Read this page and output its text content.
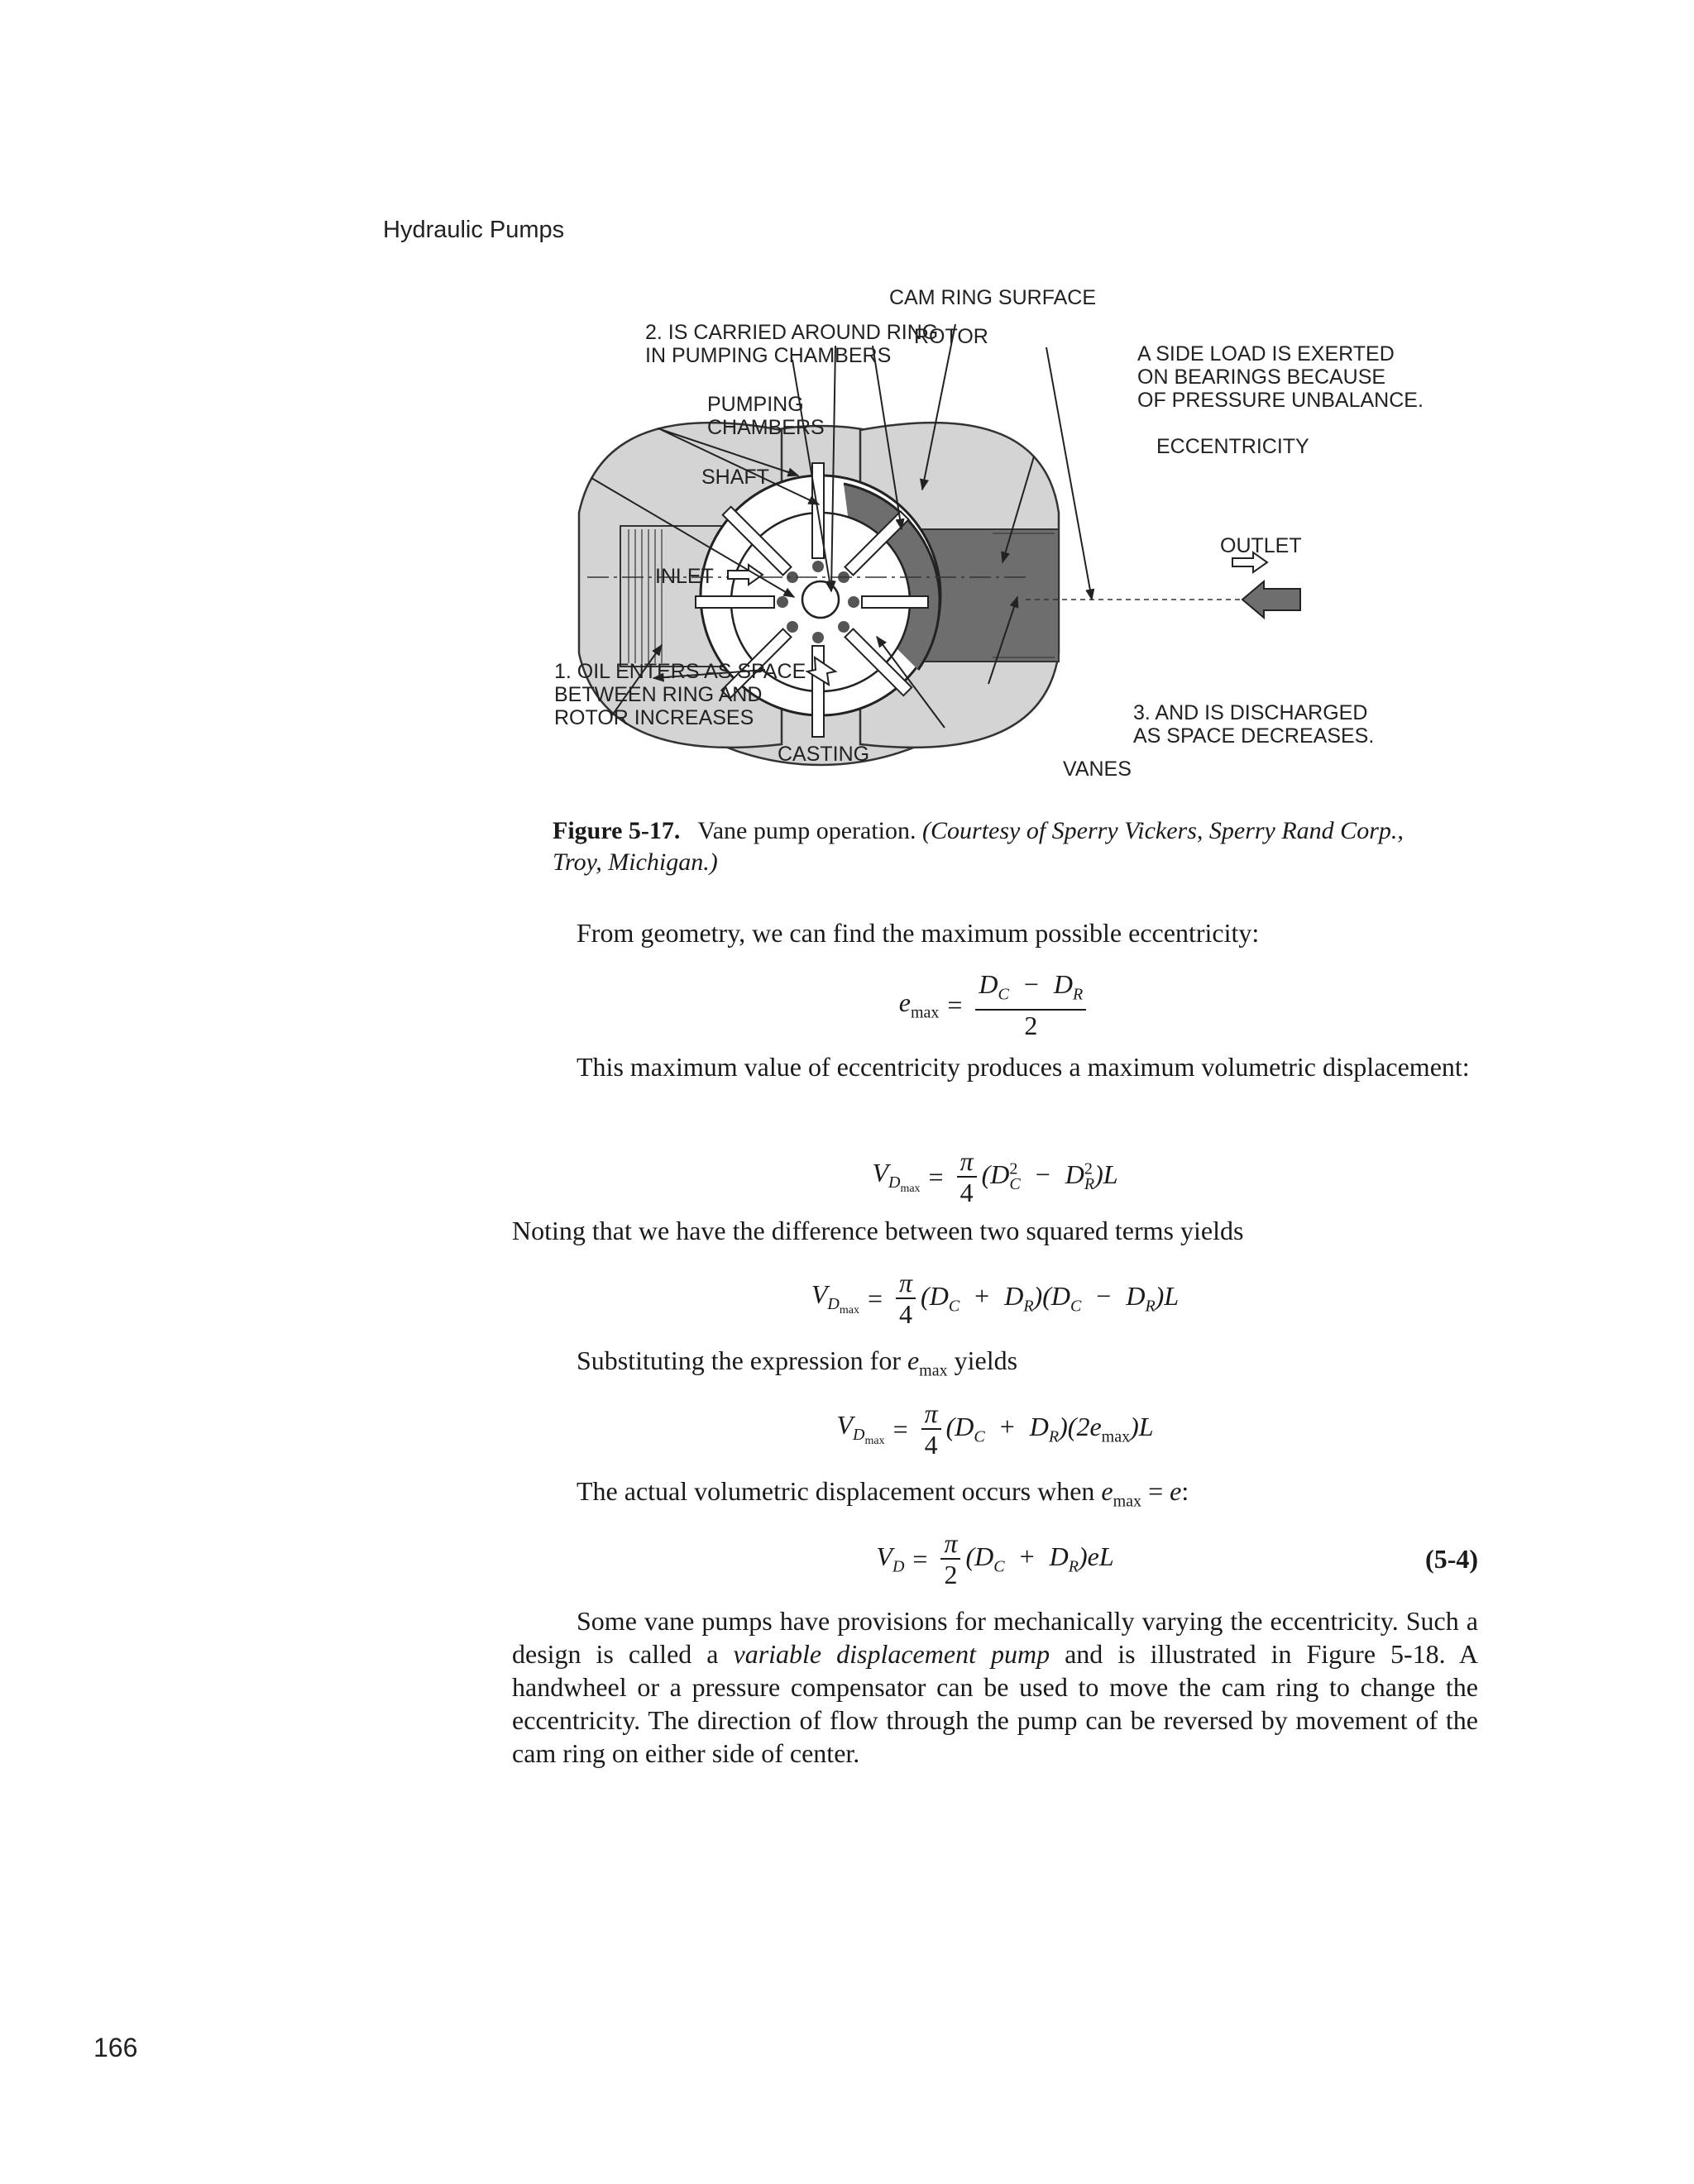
Hydraulic Pumps
CAM RING SURFACE
2. IS CARRIED AROUND RING
IN PUMPING CHAMBERS
ROTOR
A SIDE LOAD IS EXERTED
ON BEARINGS BECAUSE
OF PRESSURE UNBALANCE.
PUMPING
CHAMBERS
ECCENTRICITY
SHAFT
OUTLET
INLET
1. OIL ENTERS AS SPACE
BETWEEN RING AND
ROTOR INCREASES	3. AND IS DISCHARGED
AS SPACE DECREASES.
CASTING
VANES
Figure 5-17. Vane pump operation. (Courtesy of Sperry Vickers, Sperry Rand Corp., Troy, Michigan.)

From geometry, we can find the maximum possible eccentricity:

$e_{max} = \frac{D_C - D_R}{2}$

This maximum value of eccentricity produces a maximum volumetric displacement:

$V_{D_{max}} = \frac{\pi}{4} (D^2_C - D^2_R)L$

Noting that we have the difference between two squared terms yields

$V_{D_{max}} = \frac{\pi}{4} (D_C + D_R)(D_C - D_R)L$

Substituting the expression for $e_{max}$ yields

$V_{D_{max}} = \frac{\pi}{4} (D_C + D_R)(2e_{max})L$

The actual volumetric displacement occurs when $e_{max} = e$:

$V_D = \frac{\pi}{2} (D_C + D_R)eL$	(5-4)

Some vane pumps have provisions for mechanically varying the eccentricity. Such a design is called a variable displacement pump and is illustrated in Figure 5-18. A handwheel or a pressure compensator can be used to move the cam ring to change the eccentricity. The direction of flow through the pump can be reversed by movement of the cam ring on either side of center.

166
